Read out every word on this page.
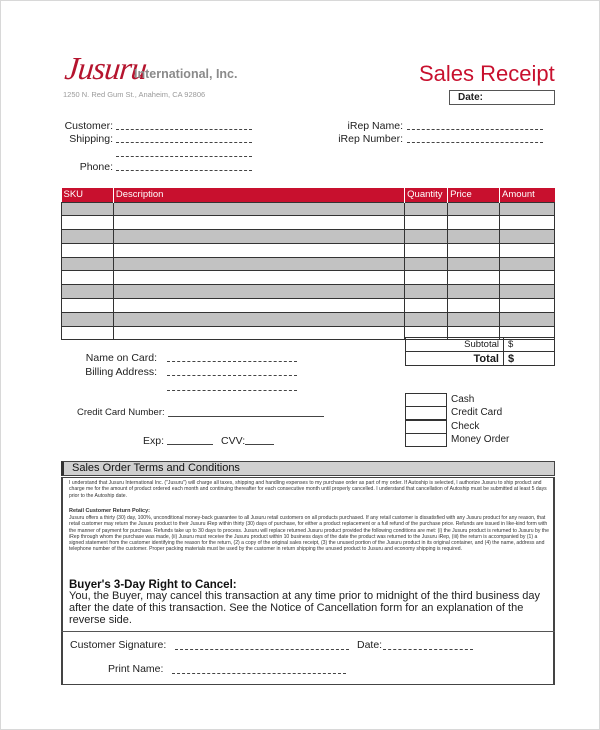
Jusuru
International, Inc.
1250 N. Red Gum St., Anaheim, CA 92806
Sales Receipt
Date:
Customer:
Shipping:
Phone:
iRep Name:
iRep Number:
SKU	Description	Quantity	Price	Amount

Subtotal	$
Total	$
Name on Card:
Billing Address:
Credit Card Number:
Exp:	CVV:
Cash
Credit Card
Check
Money Order
Sales Order Terms and Conditions
I understand that Jusuru International Inc. ("Jusuru") will charge all taxes, shipping and handling expenses to my purchase order as part of my order. If Autoship is selected, I authorize Jusuru to ship product and charge me for the amount of product ordered each month and continuing thereafter for each consecutive month until properly cancelled. I understand that cancellation of Autoship must be submitted at least 5 days prior to the Autoship date.
Retail Customer Return Policy:
Jusuru offers a thirty (30) day, 100%, unconditional money-back guarantee to all Jusuru retail customers on all products purchased. If any retail customer is dissatisfied with any Jusuru product for any reason, that retail customer may return the Jusuru product to their Jusuru iRep within thirty (30) days of purchase, for either a product replacement or a full refund of the purchase price. Refunds are issued in like-kind form with the manner of payment for purchase. Refunds take up to 30 days to process. Jusuru will replace returned Jusuru product provided the following conditions are met: (i) the Jusuru product is returned to Jusuru by the iRep through whom the purchase was made, (ii) Jusuru must receive the Jusuru product within 10 business days of the date the product was returned to the Jusuru iRep, (iii) the return is accompanied by (1) a signed statement from the customer identifying the reason for the return, (2) a copy of the original sales receipt, (3) the unused portion of the Jusuru product in its original container, and (4) the name, address and telephone number of the customer. Proper packing materials must be used by the customer in return shipping the unused product to Jusuru and economy shipping is required.
Buyer's 3-Day Right to Cancel:
You, the Buyer, may cancel this transaction at any time prior to midnight of the third business day after the date of this transaction. See the Notice of Cancellation form for an explanation of the reverse side.
Customer Signature:	Date:
Print Name:
